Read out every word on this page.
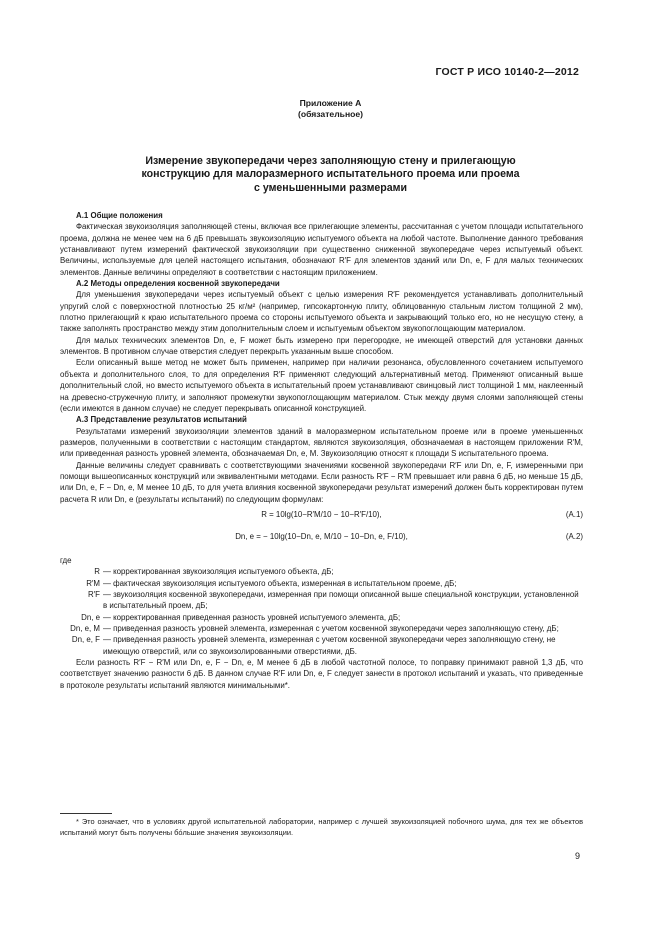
ГОСТ Р ИСО 10140-2—2012
Приложение А
(обязательное)
Измерение звукопередачи через заполняющую стену и прилегающую
конструкцию для малоразмерного испытательного проема или проема
с уменьшенными размерами
А.1 Общие положения
Фактическая звукоизоляция заполняющей стены, включая все прилегающие элементы, рассчитанная с учетом площади испытательного проема, должна не менее чем на 6 дБ превышать звукоизоляцию испытуемого объекта на любой частоте. Выполнение данного требования устанавливают путем измерений фактической звукоизоляции при существенно сниженной звукопередаче через испытуемый объект. Величины, используемые для целей настоящего испытания, обозначают R′F для элементов зданий или Dn, e, F для малых технических элементов. Данные величины определяют в соответствии с настоящим приложением.
А.2 Методы определения косвенной звукопередачи
Для уменьшения звукопередачи через испытуемый объект с целью измерения R′F рекомендуется устанавливать дополнительный упругий слой с поверхностной плотностью 25 кг/м² (например, гипсокартонную плиту, облицованную стальным листом толщиной 2 мм), плотно прилегающий к краю испытательного проема со стороны испытуемого объекта и закрывающий только его, но не несущую стену, а также заполнять пространство между этим дополнительным слоем и испытуемым объектом звукопоглощающим материалом.
Для малых технических элементов Dn, e, F может быть измерено при перегородке, не имеющей отверстий для установки данных элементов. В противном случае отверстия следует перекрыть указанным выше способом.
Если описанный выше метод не может быть применен, например при наличии резонанса, обусловленного сочетанием испытуемого объекта и дополнительного слоя, то для определения R′F применяют следующий альтернативный метод. Применяют описанный выше дополнительный слой, но вместо испытуемого объекта в испытательный проем устанавливают свинцовый лист толщиной 1 мм, наклеенный на древесно-стружечную плиту, и заполняют промежутки звукопоглощающим материалом. Стык между двумя слоями заполняющей стены (если имеются в данном случае) не следует перекрывать описанной конструкцией.
А.3 Представление результатов испытаний
Результатами измерений звукоизоляции элементов зданий в малоразмерном испытательном проеме или в проеме уменьшенных размеров, полученными в соответствии с настоящим стандартом, являются звукоизоляция, обозначаемая в настоящем приложении R′M, или приведенная разность уровней элемента, обозначаемая Dn, e, M. Звукоизоляцию относят к площади S испытательного проема.
Данные величины следует сравнивать с соответствующими значениями косвенной звукопередачи R′F или Dn, e, F, измеренными при помощи вышеописанных конструкций или эквивалентными методами. Если разность R′F − R′M превышает или равна 6 дБ, но меньше 15 дБ, или Dn, e, F − Dn, e, M менее 10 дБ, то для учета влияния косвенной звукопередачи результат измерений должен быть корректирован путем расчета R или Dn, e (результаты испытаний) по следующим формулам:
R = 10lg(10−R′M/10 − 10−R′F/10),	(А.1)
Dn, e = − 10lg(10−Dn, e, M/10 − 10−Dn, e, F/10),	(А.2)
где
R — корректированная звукоизоляция испытуемого объекта, дБ;
R′M — фактическая звукоизоляция испытуемого объекта, измеренная в испытательном проеме, дБ;
R′F — звукоизоляция косвенной звукопередачи, измеренная при помощи описанной выше специальной конструкции, установленной в испытательный проем, дБ;
Dn, e — корректированная приведенная разность уровней испытуемого элемента, дБ;
Dn, e, M — приведенная разность уровней элемента, измеренная с учетом косвенной звукопередачи через заполняющую стену, дБ;
Dn, e, F — приведенная разность уровней элемента, измеренная с учетом косвенной звукопередачи через заполняющую стену, не имеющую отверстий, или со звукоизолированными отверстиями, дБ.
Если разность R′F − R′M или Dn, e, F − Dn, e, M менее 6 дБ в любой частотной полосе, то поправку принимают равной 1,3 дБ, что соответствует значению разности 6 дБ. В данном случае R′F или Dn, e, F следует занести в протокол испытаний и указать, что приведенные в протоколе результаты испытаний являются минимальными*.
* Это означает, что в условиях другой испытательной лаборатории, например с лучшей звукоизоляцией побочного шума, для тех же объектов испытаний могут быть получены бо́льшие значения звукоизоляции.
9
